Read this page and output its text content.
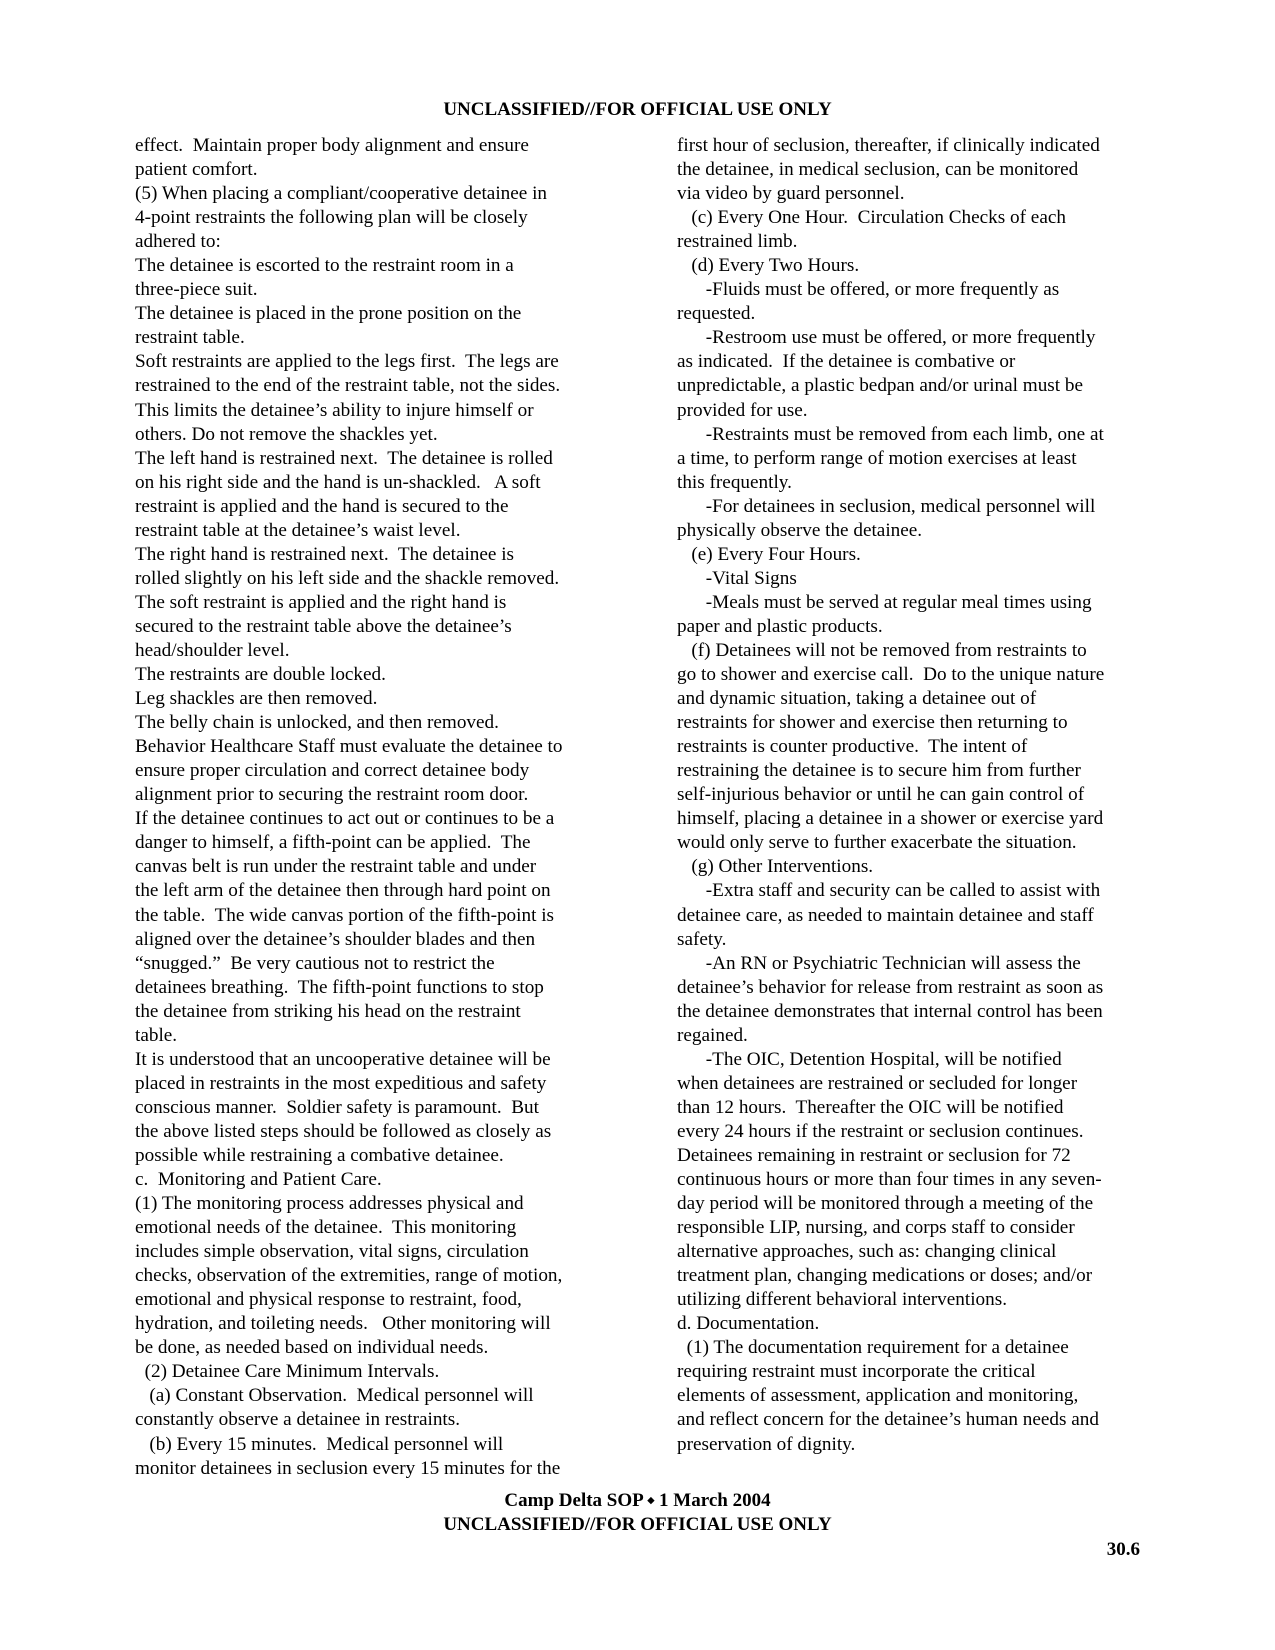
UNCLASSIFIED//FOR OFFICIAL USE ONLY
effect.  Maintain proper body alignment and ensure
patient comfort.
(5) When placing a compliant/cooperative detainee in
4-point restraints the following plan will be closely
adhered to:
The detainee is escorted to the restraint room in a
three-piece suit.
The detainee is placed in the prone position on the
restraint table.
Soft restraints are applied to the legs first.  The legs are
restrained to the end of the restraint table, not the sides.
This limits the detainee’s ability to injure himself or
others. Do not remove the shackles yet.
The left hand is restrained next.  The detainee is rolled
on his right side and the hand is un-shackled.   A soft
restraint is applied and the hand is secured to the
restraint table at the detainee’s waist level.
The right hand is restrained next.  The detainee is
rolled slightly on his left side and the shackle removed.
The soft restraint is applied and the right hand is
secured to the restraint table above the detainee’s
head/shoulder level.
The restraints are double locked.
Leg shackles are then removed.
The belly chain is unlocked, and then removed.
Behavior Healthcare Staff must evaluate the detainee to
ensure proper circulation and correct detainee body
alignment prior to securing the restraint room door.
If the detainee continues to act out or continues to be a
danger to himself, a fifth-point can be applied.  The
canvas belt is run under the restraint table and under
the left arm of the detainee then through hard point on
the table.  The wide canvas portion of the fifth-point is
aligned over the detainee’s shoulder blades and then
“snugged.”  Be very cautious not to restrict the
detainees breathing.  The fifth-point functions to stop
the detainee from striking his head on the restraint
table.
It is understood that an uncooperative detainee will be
placed in restraints in the most expeditious and safety
conscious manner.  Soldier safety is paramount.  But
the above listed steps should be followed as closely as
possible while restraining a combative detainee.
c.  Monitoring and Patient Care.
(1) The monitoring process addresses physical and
emotional needs of the detainee.  This monitoring
includes simple observation, vital signs, circulation
checks, observation of the extremities, range of motion,
emotional and physical response to restraint, food,
hydration, and toileting needs.   Other monitoring will
be done, as needed based on individual needs.
(2) Detainee Care Minimum Intervals.
(a) Constant Observation.  Medical personnel will
constantly observe a detainee in restraints.
(b) Every 15 minutes.  Medical personnel will
monitor detainees in seclusion every 15 minutes for the
first hour of seclusion, thereafter, if clinically indicated
the detainee, in medical seclusion, can be monitored
via video by guard personnel.
(c) Every One Hour.  Circulation Checks of each
restrained limb.
(d) Every Two Hours.
-Fluids must be offered, or more frequently as
requested.
-Restroom use must be offered, or more frequently
as indicated.  If the detainee is combative or
unpredictable, a plastic bedpan and/or urinal must be
provided for use.
-Restraints must be removed from each limb, one at
a time, to perform range of motion exercises at least
this frequently.
-For detainees in seclusion, medical personnel will
physically observe the detainee.
(e) Every Four Hours.
-Vital Signs
-Meals must be served at regular meal times using
paper and plastic products.
(f) Detainees will not be removed from restraints to
go to shower and exercise call.  Do to the unique nature
and dynamic situation, taking a detainee out of
restraints for shower and exercise then returning to
restraints is counter productive.  The intent of
restraining the detainee is to secure him from further
self-injurious behavior or until he can gain control of
himself, placing a detainee in a shower or exercise yard
would only serve to further exacerbate the situation.
(g) Other Interventions.
-Extra staff and security can be called to assist with
detainee care, as needed to maintain detainee and staff
safety.
-An RN or Psychiatric Technician will assess the
detainee’s behavior for release from restraint as soon as
the detainee demonstrates that internal control has been
regained.
-The OIC, Detention Hospital, will be notified
when detainees are restrained or secluded for longer
than 12 hours.  Thereafter the OIC will be notified
every 24 hours if the restraint or seclusion continues.
Detainees remaining in restraint or seclusion for 72
continuous hours or more than four times in any seven-
day period will be monitored through a meeting of the
responsible LIP, nursing, and corps staff to consider
alternative approaches, such as: changing clinical
treatment plan, changing medications or doses; and/or
utilizing different behavioral interventions.
d. Documentation.
(1) The documentation requirement for a detainee
requiring restraint must incorporate the critical
elements of assessment, application and monitoring,
and reflect concern for the detainee’s human needs and
preservation of dignity.
Camp Delta SOP ⬩ 1 March 2004
UNCLASSIFIED//FOR OFFICIAL USE ONLY
30.6
